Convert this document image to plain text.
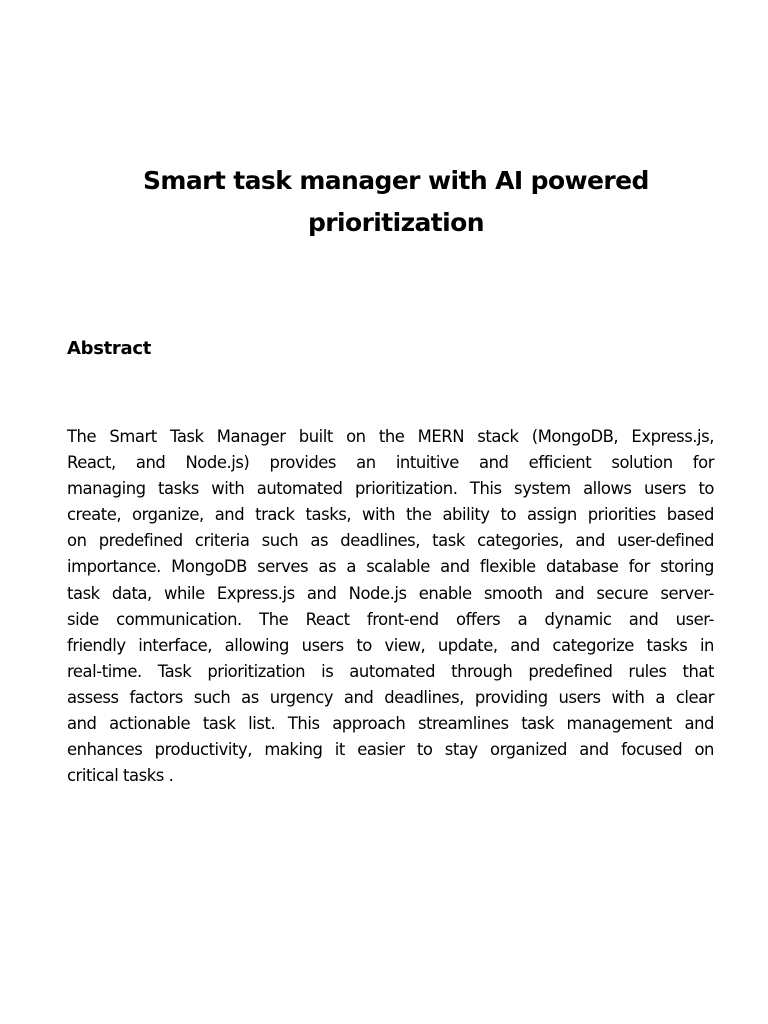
Smart task manager with AI powered
prioritization
Abstract
The Smart Task Manager built on the MERN stack (MongoDB, Express.js,
React, and Node.js) provides an intuitive and efficient solution for
managing tasks with automated prioritization. This system allows users to
create, organize, and track tasks, with the ability to assign priorities based
on predefined criteria such as deadlines, task categories, and user-defined
importance. MongoDB serves as a scalable and flexible database for storing
task data, while Express.js and Node.js enable smooth and secure server-
side communication. The React front-end offers a dynamic and user-
friendly interface, allowing users to view, update, and categorize tasks in
real-time. Task prioritization is automated through predefined rules that
assess factors such as urgency and deadlines, providing users with a clear
and actionable task list. This approach streamlines task management and
enhances productivity, making it easier to stay organized and focused on
critical tasks .
